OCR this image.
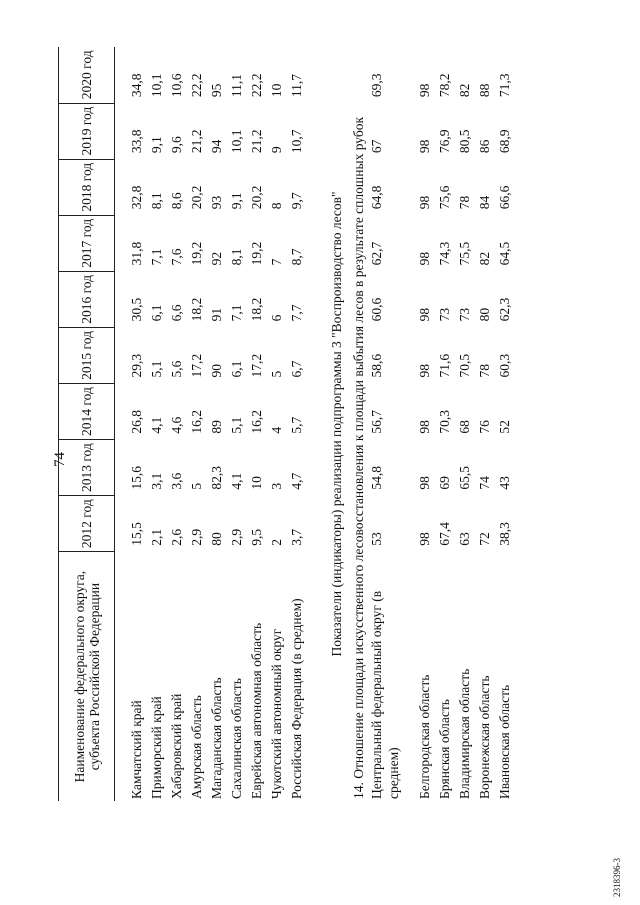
74
Наименование федерального округа, субъекта Российской Федерации	2012 год	2013 год	2014 год	2015 год	2016 год	2017 год	2018 год	2019 год	2020 год

Камчатский край	15,5	15,6	26,8	29,3	30,5	31,8	32,8	33,8	34,8
Приморский край	2,1	3,1	4,1	5,1	6,1	7,1	8,1	9,1	10,1
Хабаровский край	2,6	3,6	4,6	5,6	6,6	7,6	8,6	9,6	10,6
Амурская область	2,9	5	16,2	17,2	18,2	19,2	20,2	21,2	22,2
Магаданская область	80	82,3	89	90	91	92	93	94	95
Сахалинская область	2,9	4,1	5,1	6,1	7,1	8,1	9,1	10,1	11,1
Еврейская автономная область	9,5	10	16,2	17,2	18,2	19,2	20,2	21,2	22,2
Чукотский автономный округ	2	3	4	5	6	7	8	9	10
Российская Федерация (в среднем)	3,7	4,7	5,7	6,7	7,7	8,7	9,7	10,7	11,7
Показатели (индикаторы) реализации подпрограммы 3 "Воспроизводство лесов"									
14. Отношение площади искусственного лесовосстановления к площади выбытия лесов в результате сплошных рубок									
Центральный федеральный округ (в среднем)	53	54,8	56,7	58,6	60,6	62,7	64,8	67	69,3

Белгородская область	98	98	98	98	98	98	98	98	98
Брянская область	67,4	69	70,3	71,6	73	74,3	75,6	76,9	78,2
Владимирская область	63	65,5	68	70,5	73	75,5	78	80,5	82
Воронежская область	72	74	76	78	80	82	84	86	88
Ивановская область	38,3	43	52	60,3	62,3	64,5	66,6	68,9	71,3
2318396-3
